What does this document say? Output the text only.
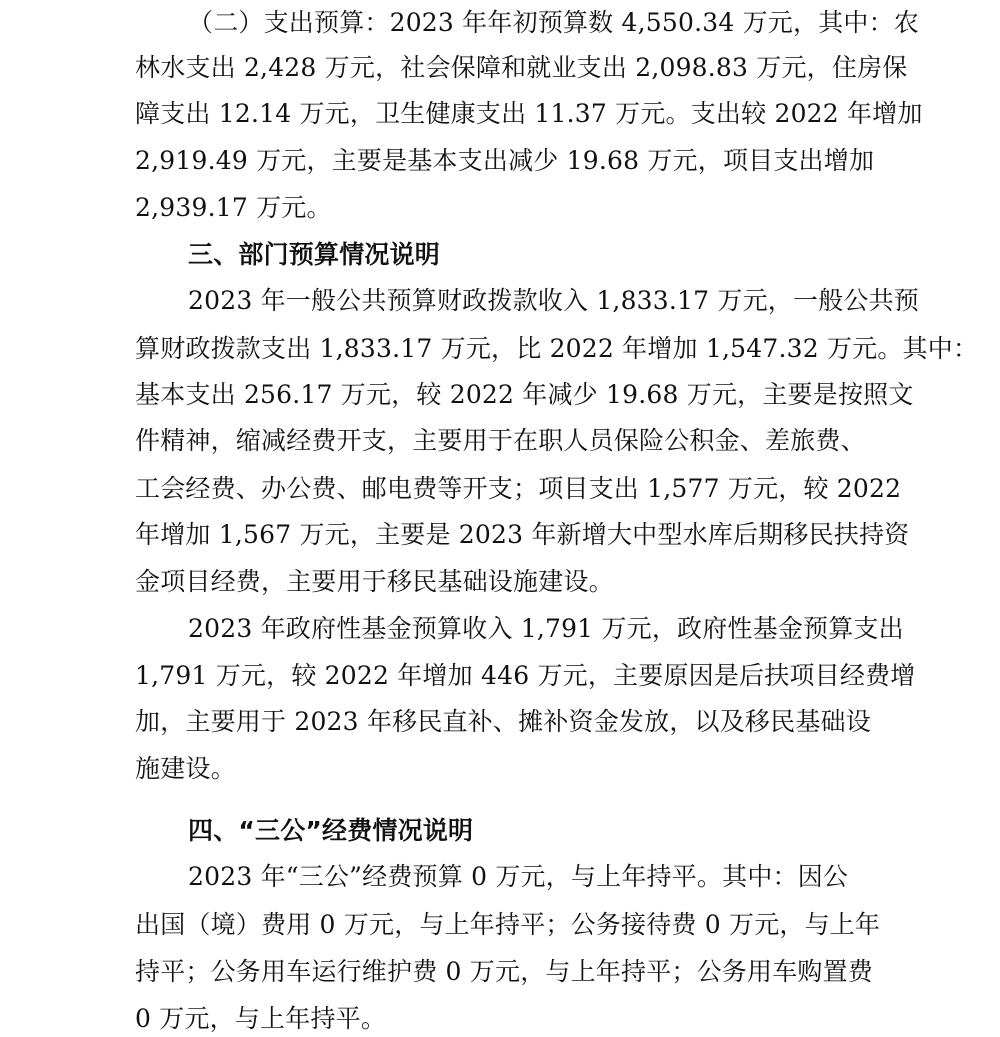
（二）支出预算：2023 年年初预算数 4,550.34 万元，其中：农
林水支出 2,428 万元，社会保障和就业支出 2,098.83 万元，住房保
障支出 12.14 万元，卫生健康支出 11.37 万元。支出较 2022 年增加
2,919.49 万元，主要是基本支出减少 19.68 万元，项目支出增加
2,939.17 万元。
三、部门预算情况说明
2023 年一般公共预算财政拨款收入 1,833.17 万元，一般公共预
算财政拨款支出 1,833.17 万元，比 2022 年增加 1,547.32 万元。其中：
基本支出 256.17 万元，较 2022 年减少 19.68 万元，主要是按照文
件精神，缩减经费开支，主要用于在职人员保险公积金、差旅费、
工会经费、办公费、邮电费等开支；项目支出 1,577 万元，较 2022
年增加 1,567 万元，主要是 2023 年新增大中型水库后期移民扶持资
金项目经费，主要用于移民基础设施建设。
2023 年政府性基金预算收入 1,791 万元，政府性基金预算支出
1,791 万元，较 2022 年增加 446 万元，主要原因是后扶项目经费增
加，主要用于 2023 年移民直补、摊补资金发放，以及移民基础设
施建设。
四、“三公”经费情况说明
2023 年“三公”经费预算 0 万元，与上年持平。其中：因公
出国（境）费用 0 万元，与上年持平；公务接待费 0 万元，与上年
持平；公务用车运行维护费 0 万元，与上年持平；公务用车购置费
0 万元，与上年持平。
